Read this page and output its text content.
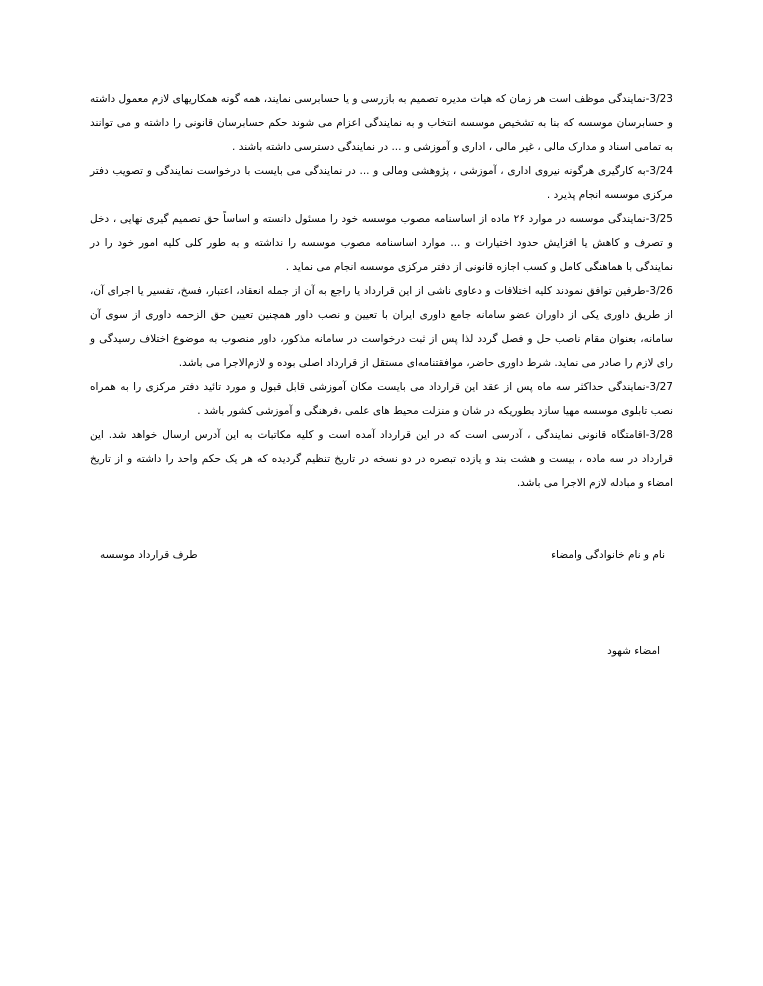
3/23-نمایندگی موظف است هر زمان که هیات مدیره تصمیم به بازرسی و یا حسابرسی نمایند، همه گونه همکاریهای لازم معمول داشته و حسابرسان موسسه که بنا به تشخیص موسسه انتخاب و به نمایندگی اعزام می شوند حکم حسابرسان قانونی را داشته و می توانند به تمامی اسناد و مدارک مالی ، غیر مالی ، اداری و آموزشی و ... در نمایندگی دسترسی داشته باشند .

3/24-به کارگیری هرگونه نیروی اداری ، آموزشی ، پژوهشی ومالی و ... در نمایندگی می بایست با درخواست نمایندگی و تصویب دفتر مرکزی موسسه انجام پذیرد .

3/25-نمایندگی موسسه در موارد ۲۶ ماده از اساسنامه مصوب موسسه خود را مسئول دانسته و اساساً حق تصمیم گیری نهایی ، دخل و تصرف و کاهش یا افزایش حدود اختیارات و ... موارد اساسنامه مصوب موسسه را نداشته و به طور کلی کلیه امور خود را در نمایندگی با هماهنگی کامل و کسب اجازه قانونی از دفتر مرکزی موسسه انجام می نماید .

3/26-طرفین توافق نمودند کلیه اختلافات و دعاوی ناشی از این قرارداد یا راجع به آن از جمله انعقاد، اعتبار، فسخ، تفسیر یا اجرای آن، از طریق داوری یکی از داوران عضو سامانه جامع داوری ایران با تعیین و نصب داور همچنین تعیین حق الزحمه داوری از سوی آن سامانه، بعنوان مقام ناصب حل و فصل گردد لذا پس از ثبت درخواست در سامانه مذکور، داور منصوب به موضوع اختلاف رسیدگی و رای لازم را صادر می نماید. شرط داوری حاضر، موافقتنامه‌ای مستقل از قرارداد اصلی بوده و لازم‌الاجرا می باشد.

3/27-نمایندگی حداکثر سه ماه پس از عقد این قرارداد می بایست مکان آموزشی قابل قبول و مورد تائید دفتر مرکزی را به همراه نصب تابلوی موسسه مهیا سازد بطوریکه در شان و منزلت محیط های علمی ،فرهنگی و آموزشی کشور باشد .

3/28-اقامتگاه قانونی نمایندگی ، آدرسی است که در این قرارداد آمده است و کلیه مکاتبات به این آدرس ارسال خواهد شد. این قرارداد در سه ماده ، بیست و هشت بند و یازده تبصره در دو نسخه در تاریخ تنظیم گردیده که هر یک حکم واحد را داشته و از تاریخ امضاء و مبادله لازم الاجرا می باشد.

نام و نام خانوادگی وامضاء
طرف قرارداد موسسه
امضاء شهود
